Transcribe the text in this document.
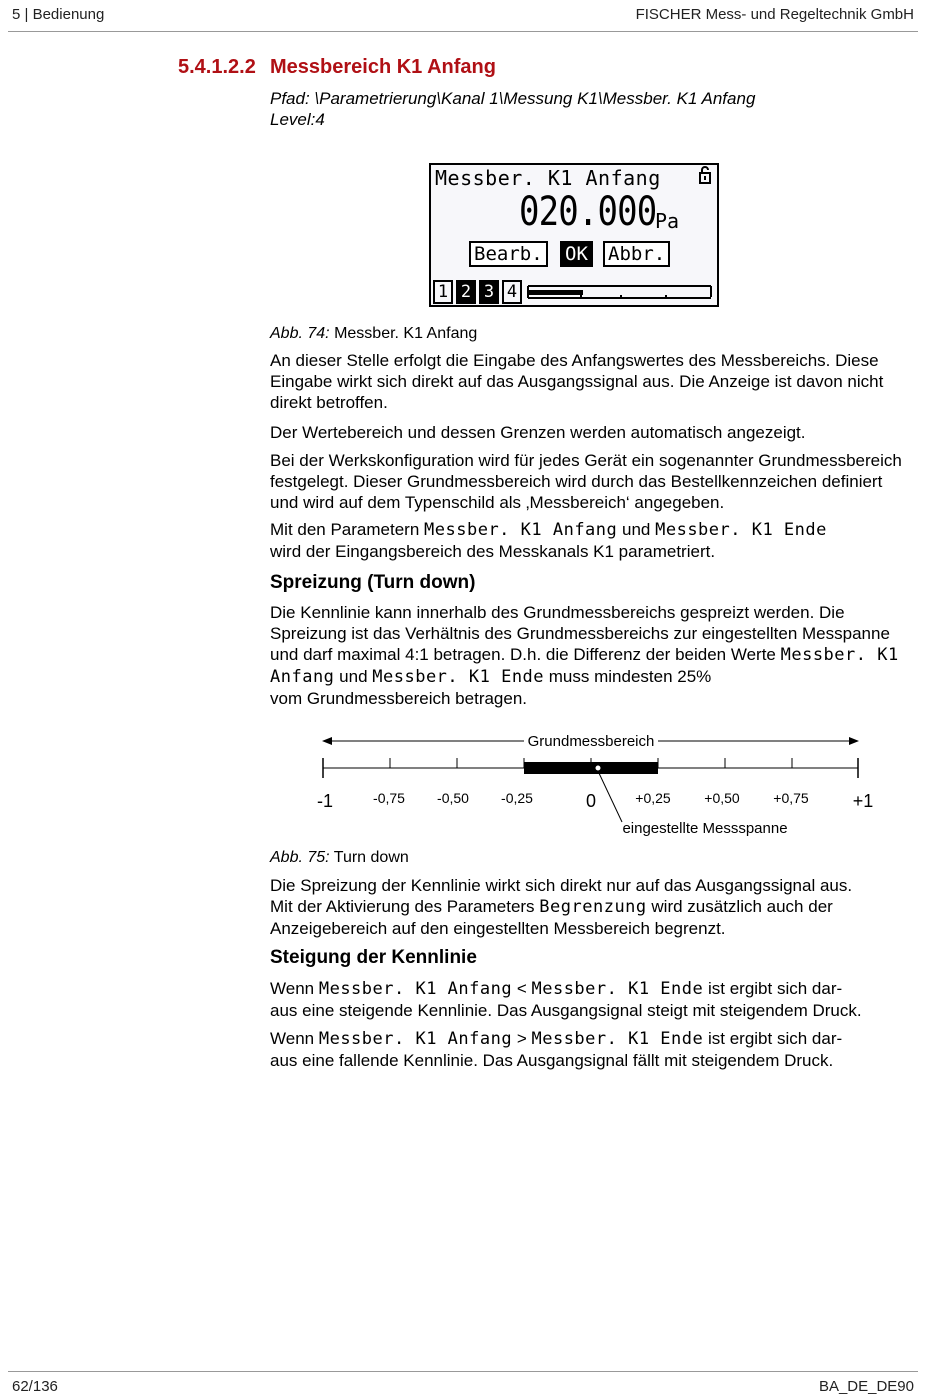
5 | Bedienung	FISCHER Mess- und Regeltechnik GmbH
5.4.1.2.2 Messbereich K1 Anfang
Pfad: \Parametrierung\Kanal 1\Messung K1\Messber. K1 Anfang
Level:4
Messber. K1 Anfang
020.000
Pa
Bearb. OK Abbr.
1 2 3 4
Abb. 74: Messber. K1 Anfang

An dieser Stelle erfolgt die Eingabe des Anfangswertes des Messbereichs. Diese Eingabe wirkt sich direkt auf das Ausgangssignal aus. Die Anzeige ist davon nicht direkt betroffen.

Der Wertebereich und dessen Grenzen werden automatisch angezeigt.

Bei der Werkskonfiguration wird für jedes Gerät ein sogenannter Grundmessbereich festgelegt. Dieser Grundmessbereich wird durch das Bestellkennzeichen definiert und wird auf dem Typenschild als ‚Messbereich‘ angegeben.

Mit den Parametern Messber. K1 Anfang und Messber. K1 Ende
wird der Eingangsbereich des Messkanals K1 parametriert.
Spreizung (Turn down)
Die Kennlinie kann innerhalb des Grundmessbereichs gespreizt werden. Die Spreizung ist das Verhältnis des Grundmessbereichs zur eingestellten Messpanne und darf maximal 4:1 betragen. D.h. die Differenz der beiden Werte Messber. K1 Anfang und Messber. K1 Ende muss mindesten 25%
vom Grundmessbereich betragen.
Grundmessbereich
-1	-0,75 -0,50 -0,25	0	+0,25 +0,50 +0,75 +1
eingestellte Messspanne
Abb. 75: Turn down
Die Spreizung der Kennlinie wirkt sich direkt nur auf das Ausgangssignal aus.
Mit der Aktivierung des Parameters Begrenzung wird zusätzlich auch der
Anzeigebereich auf den eingestellten Messbereich begrenzt.
Steigung der Kennlinie
Wenn Messber. K1 Anfang < Messber. K1 Ende ist ergibt sich dar-
aus eine steigende Kennlinie. Das Ausgangsignal steigt mit steigendem Druck.
Wenn Messber. K1 Anfang > Messber. K1 Ende ist ergibt sich dar-
aus eine fallende Kennlinie. Das Ausgangsignal fällt mit steigendem Druck.
62/136	BA_DE_DE90
